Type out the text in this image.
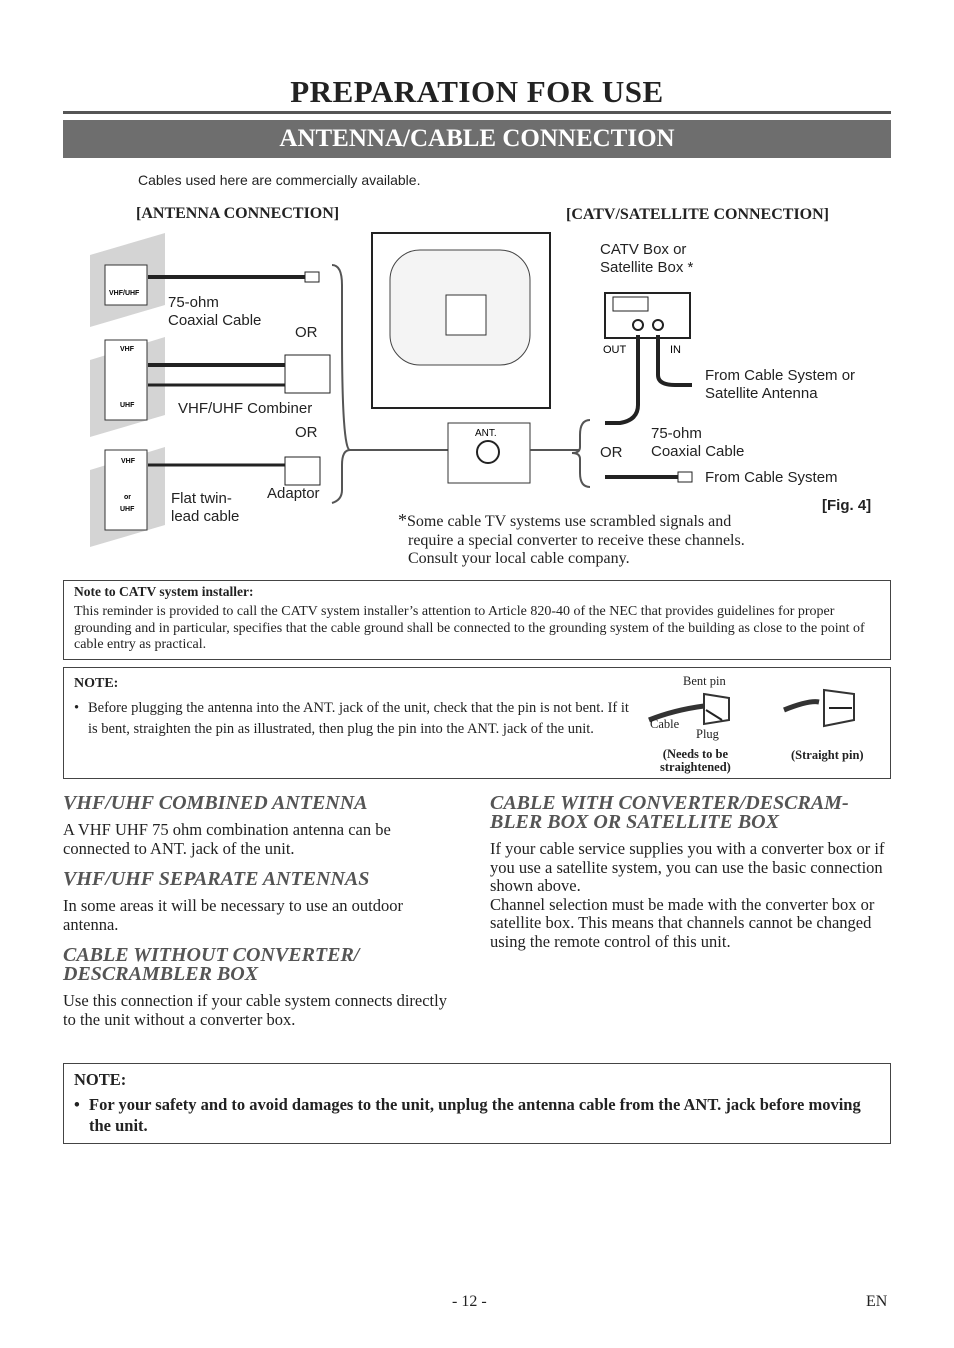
PREPARATION FOR USE
ANTENNA/CABLE CONNECTION
Cables used here are commercially available.
[ANTENNA CONNECTION]	[CATV/SATELLITE CONNECTION]
VHF/UHF
VHF
UHF
VHF
or
UHF
ANT.
OUT	IN
75-ohm
Coaxial Cable
OR
VHF/UHF Combiner
OR
Flat twin-
lead cable
Adaptor
CATV Box or
Satellite Box *
From Cable System or
Satellite Antenna
75-ohm
Coaxial Cable
OR
From Cable System
[Fig. 4]
*Some cable TV systems use scrambled signals and
require a special converter to receive these channels.
Consult your local cable company.
Note to CATV system installer:
This reminder is provided to call the CATV system installer’s attention to Article 820-40 of the NEC that provides guidelines for proper grounding and in particular, specifies that the cable ground shall be connected to the grounding system of the building as close to the point of cable entry as practical.
NOTE:
• Before plugging the antenna into the ANT. jack of the unit, check that the pin is not bent. If it is bent, straighten the pin as illustrated, then plug the pin into the ANT. jack of the unit.
Bent pin
Cable
Plug
(Needs to be
straightened)
(Straight pin)
VHF/UHF COMBINED ANTENNA
A VHF UHF 75 ohm combination antenna can be connected to ANT. jack of the unit.
VHF/UHF SEPARATE ANTENNAS
In some areas it will be necessary to use an outdoor antenna.
CABLE WITHOUT CONVERTER/
DESCRAMBLER BOX
Use this connection if your cable system connects directly to the unit without a converter box.
CABLE WITH CONVERTER/DESCRAM-
BLER BOX OR SATELLITE BOX
If your cable service supplies you with a converter box or if you use a satellite system, you can use the basic connection shown above.
Channel selection must be made with the converter box or satellite box. This means that channels cannot be changed using the remote control of this unit.
NOTE:
• For your safety and to avoid damages to the unit, unplug the antenna cable from the ANT. jack before moving the unit.
- 12 -	EN
